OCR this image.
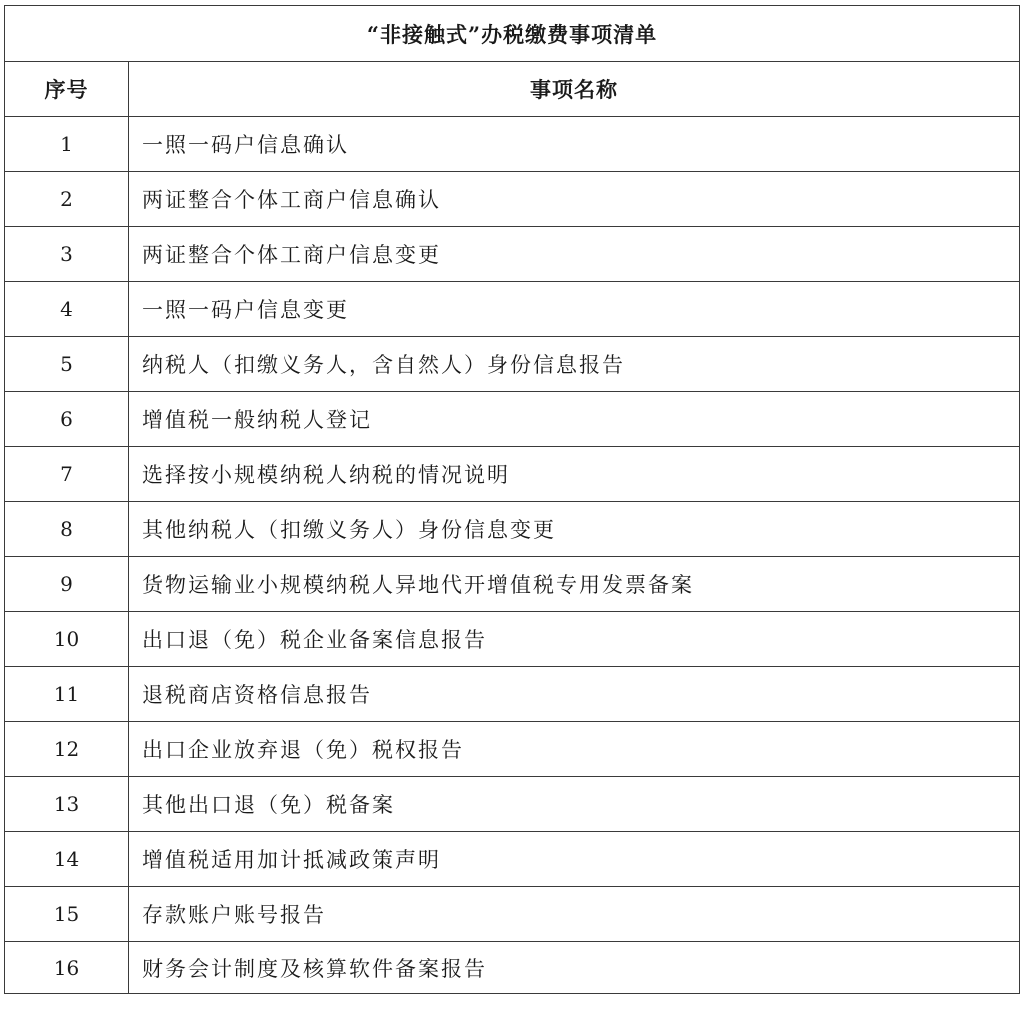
“非接触式”办税缴费事项清单	
序号	事项名称
1	一照一码户信息确认
2	两证整合个体工商户信息确认
3	两证整合个体工商户信息变更
4	一照一码户信息变更
5	纳税人（扣缴义务人，含自然人）身份信息报告
6	增值税一般纳税人登记
7	选择按小规模纳税人纳税的情况说明
8	其他纳税人（扣缴义务人）身份信息变更
9	货物运输业小规模纳税人异地代开增值税专用发票备案
10	出口退（免）税企业备案信息报告
11	退税商店资格信息报告
12	出口企业放弃退（免）税权报告
13	其他出口退（免）税备案
14	增值税适用加计抵减政策声明
15	存款账户账号报告
16	财务会计制度及核算软件备案报告
